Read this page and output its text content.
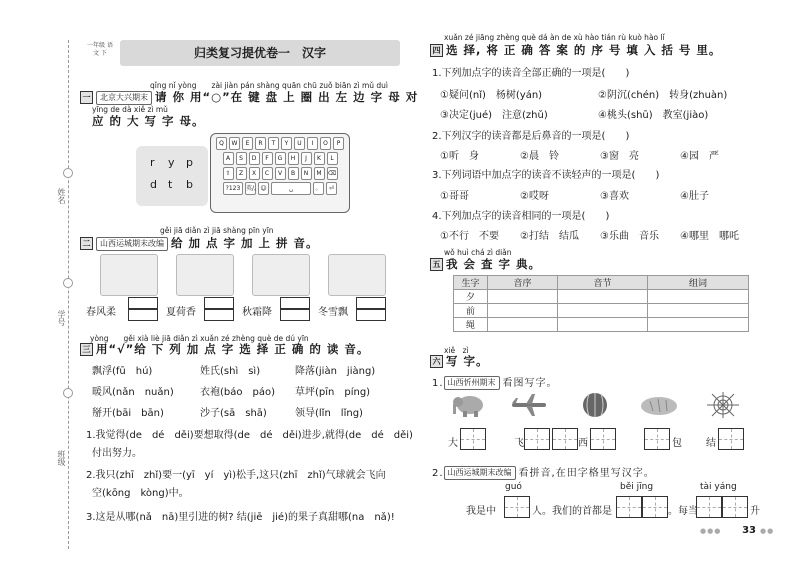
姓名
学号
班级
一年级 语文 下	归类复习提优卷一　汉字
qǐng nǐ yòng　　zài jiàn pán shàng quān chū zuǒ biān zì mǔ duì
一 北京大兴期末 请 你 用“○”在 键 盘 上 圈 出 左 边 字 母 对
yīng de dà xiě zì mǔ
应 的 大 写 字 母。
r y p
d t b
Q	W	E	R	T	Y	U	I	O	P
A	S	D	F	G	H	J	K	L
⇧	Z	X	C	V	B	N	M	⌫
?123 英/, ☺	␣	。	⏎
gěi jiā diǎn zì jiā shàng pīn yīn
二 山西运城期末改编 给 加 点 字 加 上 拼 音。
春风柔	夏荷香	秋霜降	冬雪飘
yòng　　gěi xià liè jiā diǎn zì xuǎn zé zhèng què de dú yīn
三 用“√”给 下 列 加 点 字 选 择 正 确 的 读 音。
飘浮(fū　hú)	姓氏(shì　sì)	降落(jiàn　jiàng)
暖风(nǎn　nuǎn)	衣袍(báo　páo) 草坪(pīn　píng)
掰开(bāi　bān)	沙子(sā　shā)	领导(lǐn　lǐng)
1.我觉得(de　dé　děi)要想取得(de　dé　děi)进步,就得(de　dé　děi)
付出努力。
2.我只(zhī　zhǐ)要一(yī　yí　yì)松手,这只(zhī　zhǐ)气球就会飞向
空(kōng　kòng)中。
3.这是从哪(nǎ　nā)里引进的树? 结(jiē　jié)的果子真甜哪(na　nǎ)!
xuǎn zé jiāng zhèng què dá àn de xù hào tián rù kuò hào lǐ
四 选 择, 将 正 确 答 案 的 序 号 填 入 括 号 里。
1.下列加点字的读音全部正确的一项是(　　)
①疑问(nǐ)　杨树(yán)	②阴沉(chén)　转身(zhuàn)
③决定(jué)　注意(zhǔ)	④桃头(shū)　教室(jiào)
2.下列汉字的读音都是后鼻音的一项是(　　)
①听　身	②晨　铃	③窗　亮	④园　严
3.下列词语中加点字的读音不读轻声的一项是(　　)
①哥哥	②哎呀	③喜欢	④肚子
4.下列加点字的读音相同的一项是(　　)
①不行　不要 ②打结　结瓜 ③乐曲　音乐 ④哪里　哪吒
wǒ huì chá zì diǎn
五 我 会 查 字 典。
生字	音序	音节	组词
夕			
前			
绳			
xiě　zì
六 写 字。
1. 山西忻州期末 看图写字。
大	飞	西	包 结
2. 山西运城期末改编 看拼音,在田字格里写汉字。
guó	běi jīng	tài yáng
我是中	人。我们的首都是	。每当	升
●●● 33 ●●
